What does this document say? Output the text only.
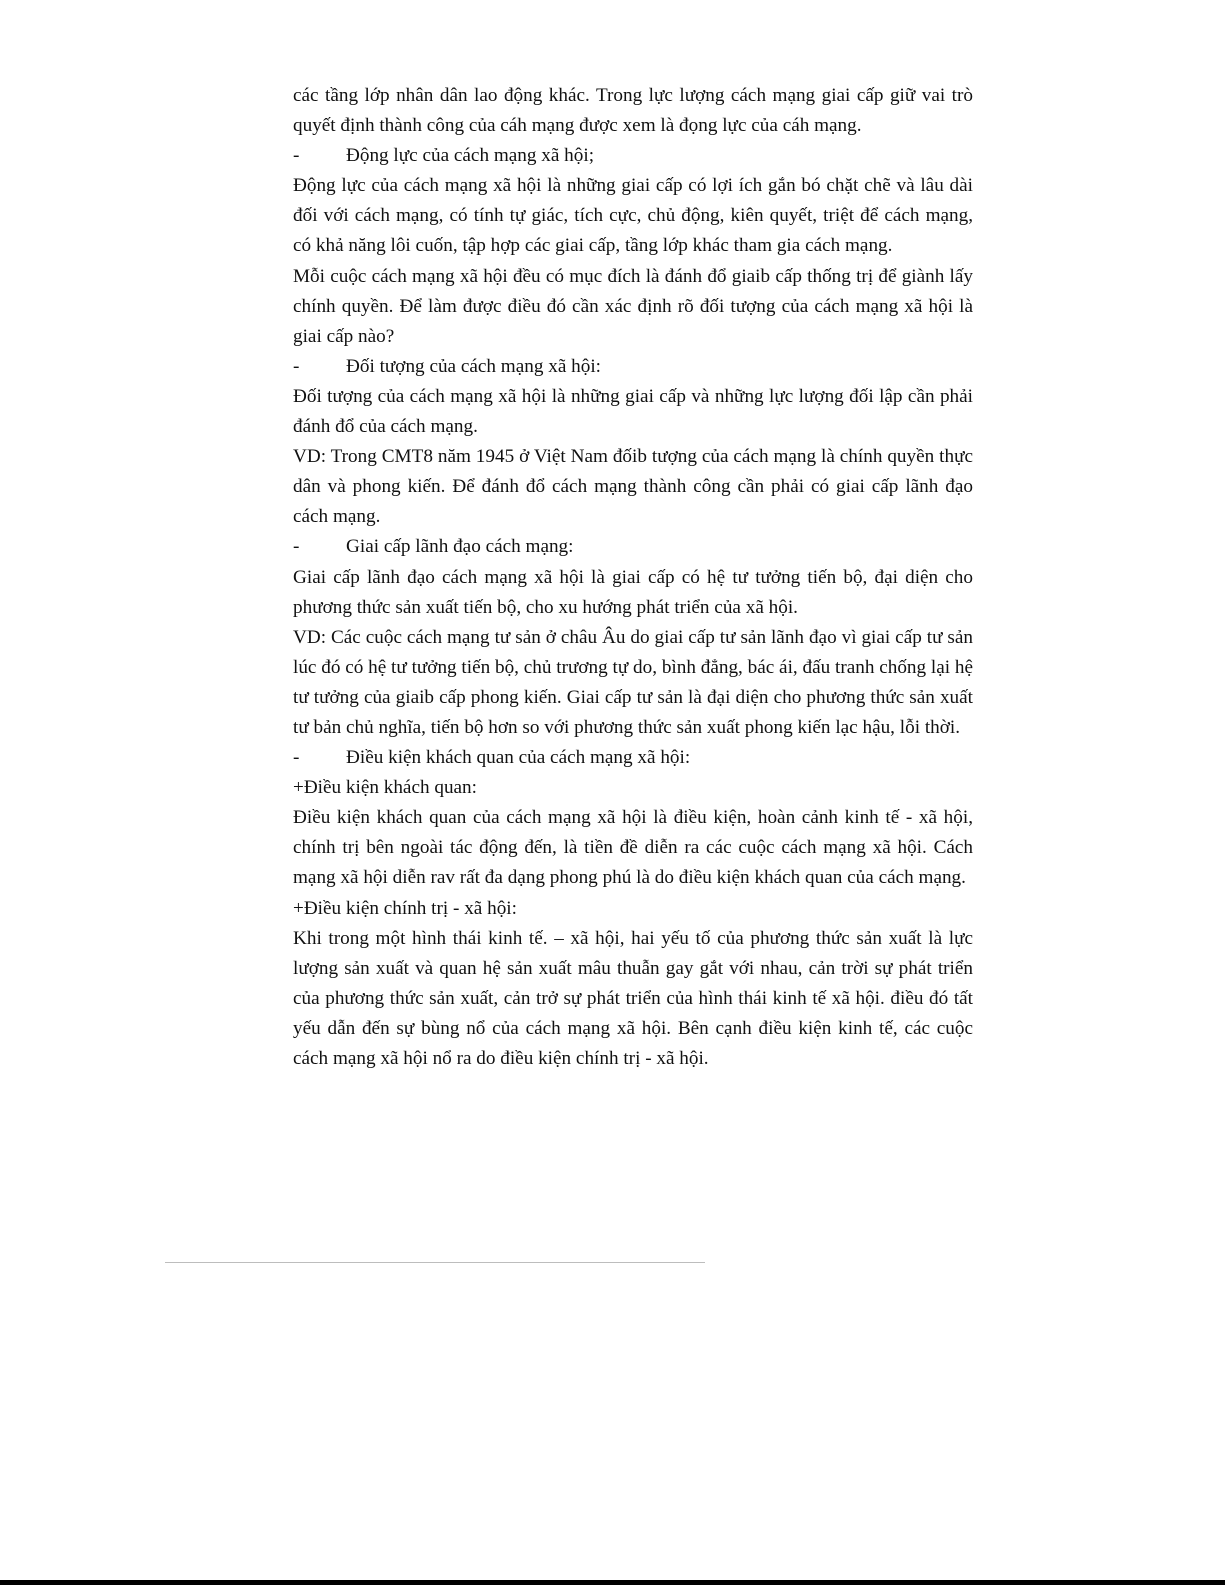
các tầng lớp nhân dân lao động khác. Trong lực lượng cách mạng giai cấp giữ vai trò quyết định thành công của cáh mạng được xem là đọng lực của cáh mạng.

-	Động lực của cách mạng xã hội;

Động lực của cách mạng xã hội là những giai cấp có lợi ích gắn bó chặt chẽ và lâu dài đối với cách mạng, có tính tự giác, tích cực, chủ động, kiên quyết, triệt để cách mạng, có khả năng lôi cuốn, tập hợp các giai cấp, tầng lớp khác tham gia cách mạng.

Mỗi cuộc cách mạng xã hội đều có mục đích là đánh đổ giaib cấp thống trị để giành lấy chính quyền. Để làm được điều đó cần xác định rõ đối tượng của cách mạng xã hội là giai cấp nào?

-	Đối tượng của cách mạng xã hội:

Đối tượng của cách mạng xã hội là những giai cấp và những lực lượng đối lập cần phải đánh đổ của cách mạng.

VD: Trong CMT8 năm 1945 ở Việt Nam đốib tượng của cách mạng là chính quyền thực dân và phong kiến. Để đánh đổ cách mạng thành công cần phải có giai cấp lãnh đạo cách mạng.

-	Giai cấp lãnh đạo cách mạng:

Giai cấp lãnh đạo cách mạng xã hội là giai cấp có hệ tư tưởng tiến bộ, đại diện cho phương thức sản xuất tiến bộ, cho xu hướng phát triển của xã hội.

VD: Các cuộc cách mạng tư sản ở châu Âu do giai cấp tư sản lãnh đạo vì giai cấp tư sản lúc đó có hệ tư tưởng tiến bộ, chủ trương tự do, bình đẳng, bác ái, đấu tranh chống lại hệ tư tưởng của giaib cấp phong kiến. Giai cấp tư sản là đại diện cho phương thức sản xuất tư bản chủ nghĩa, tiến bộ hơn so với phương thức sản xuất phong kiến lạc hậu, lỗi thời.

-	Điều kiện khách quan của cách mạng xã hội:

+Điều kiện khách quan:

Điều kiện khách quan của cách mạng xã hội là điều kiện, hoàn cảnh kinh tế - xã hội, chính trị bên ngoài tác động đến, là tiền đề diễn ra các cuộc cách mạng xã hội. Cách mạng xã hội diễn rav rất đa dạng phong phú là do điều kiện khách quan của cách mạng.

+Điều kiện chính trị - xã hội:

Khi trong một hình thái kinh tế. – xã hội, hai yếu tố của phương thức sản xuất là lực lượng sản xuất và quan hệ sản xuất mâu thuẫn gay gắt với nhau, cản trời sự phát triển của phương thức sản xuất, cản trở sự phát triển của hình thái kinh tế xã hội. điều đó tất yếu dẫn đến sự bùng nổ của cách mạng xã hội. Bên cạnh điều kiện kinh tế, các cuộc cách mạng xã hội nổ ra do điều kiện chính trị - xã hội.
